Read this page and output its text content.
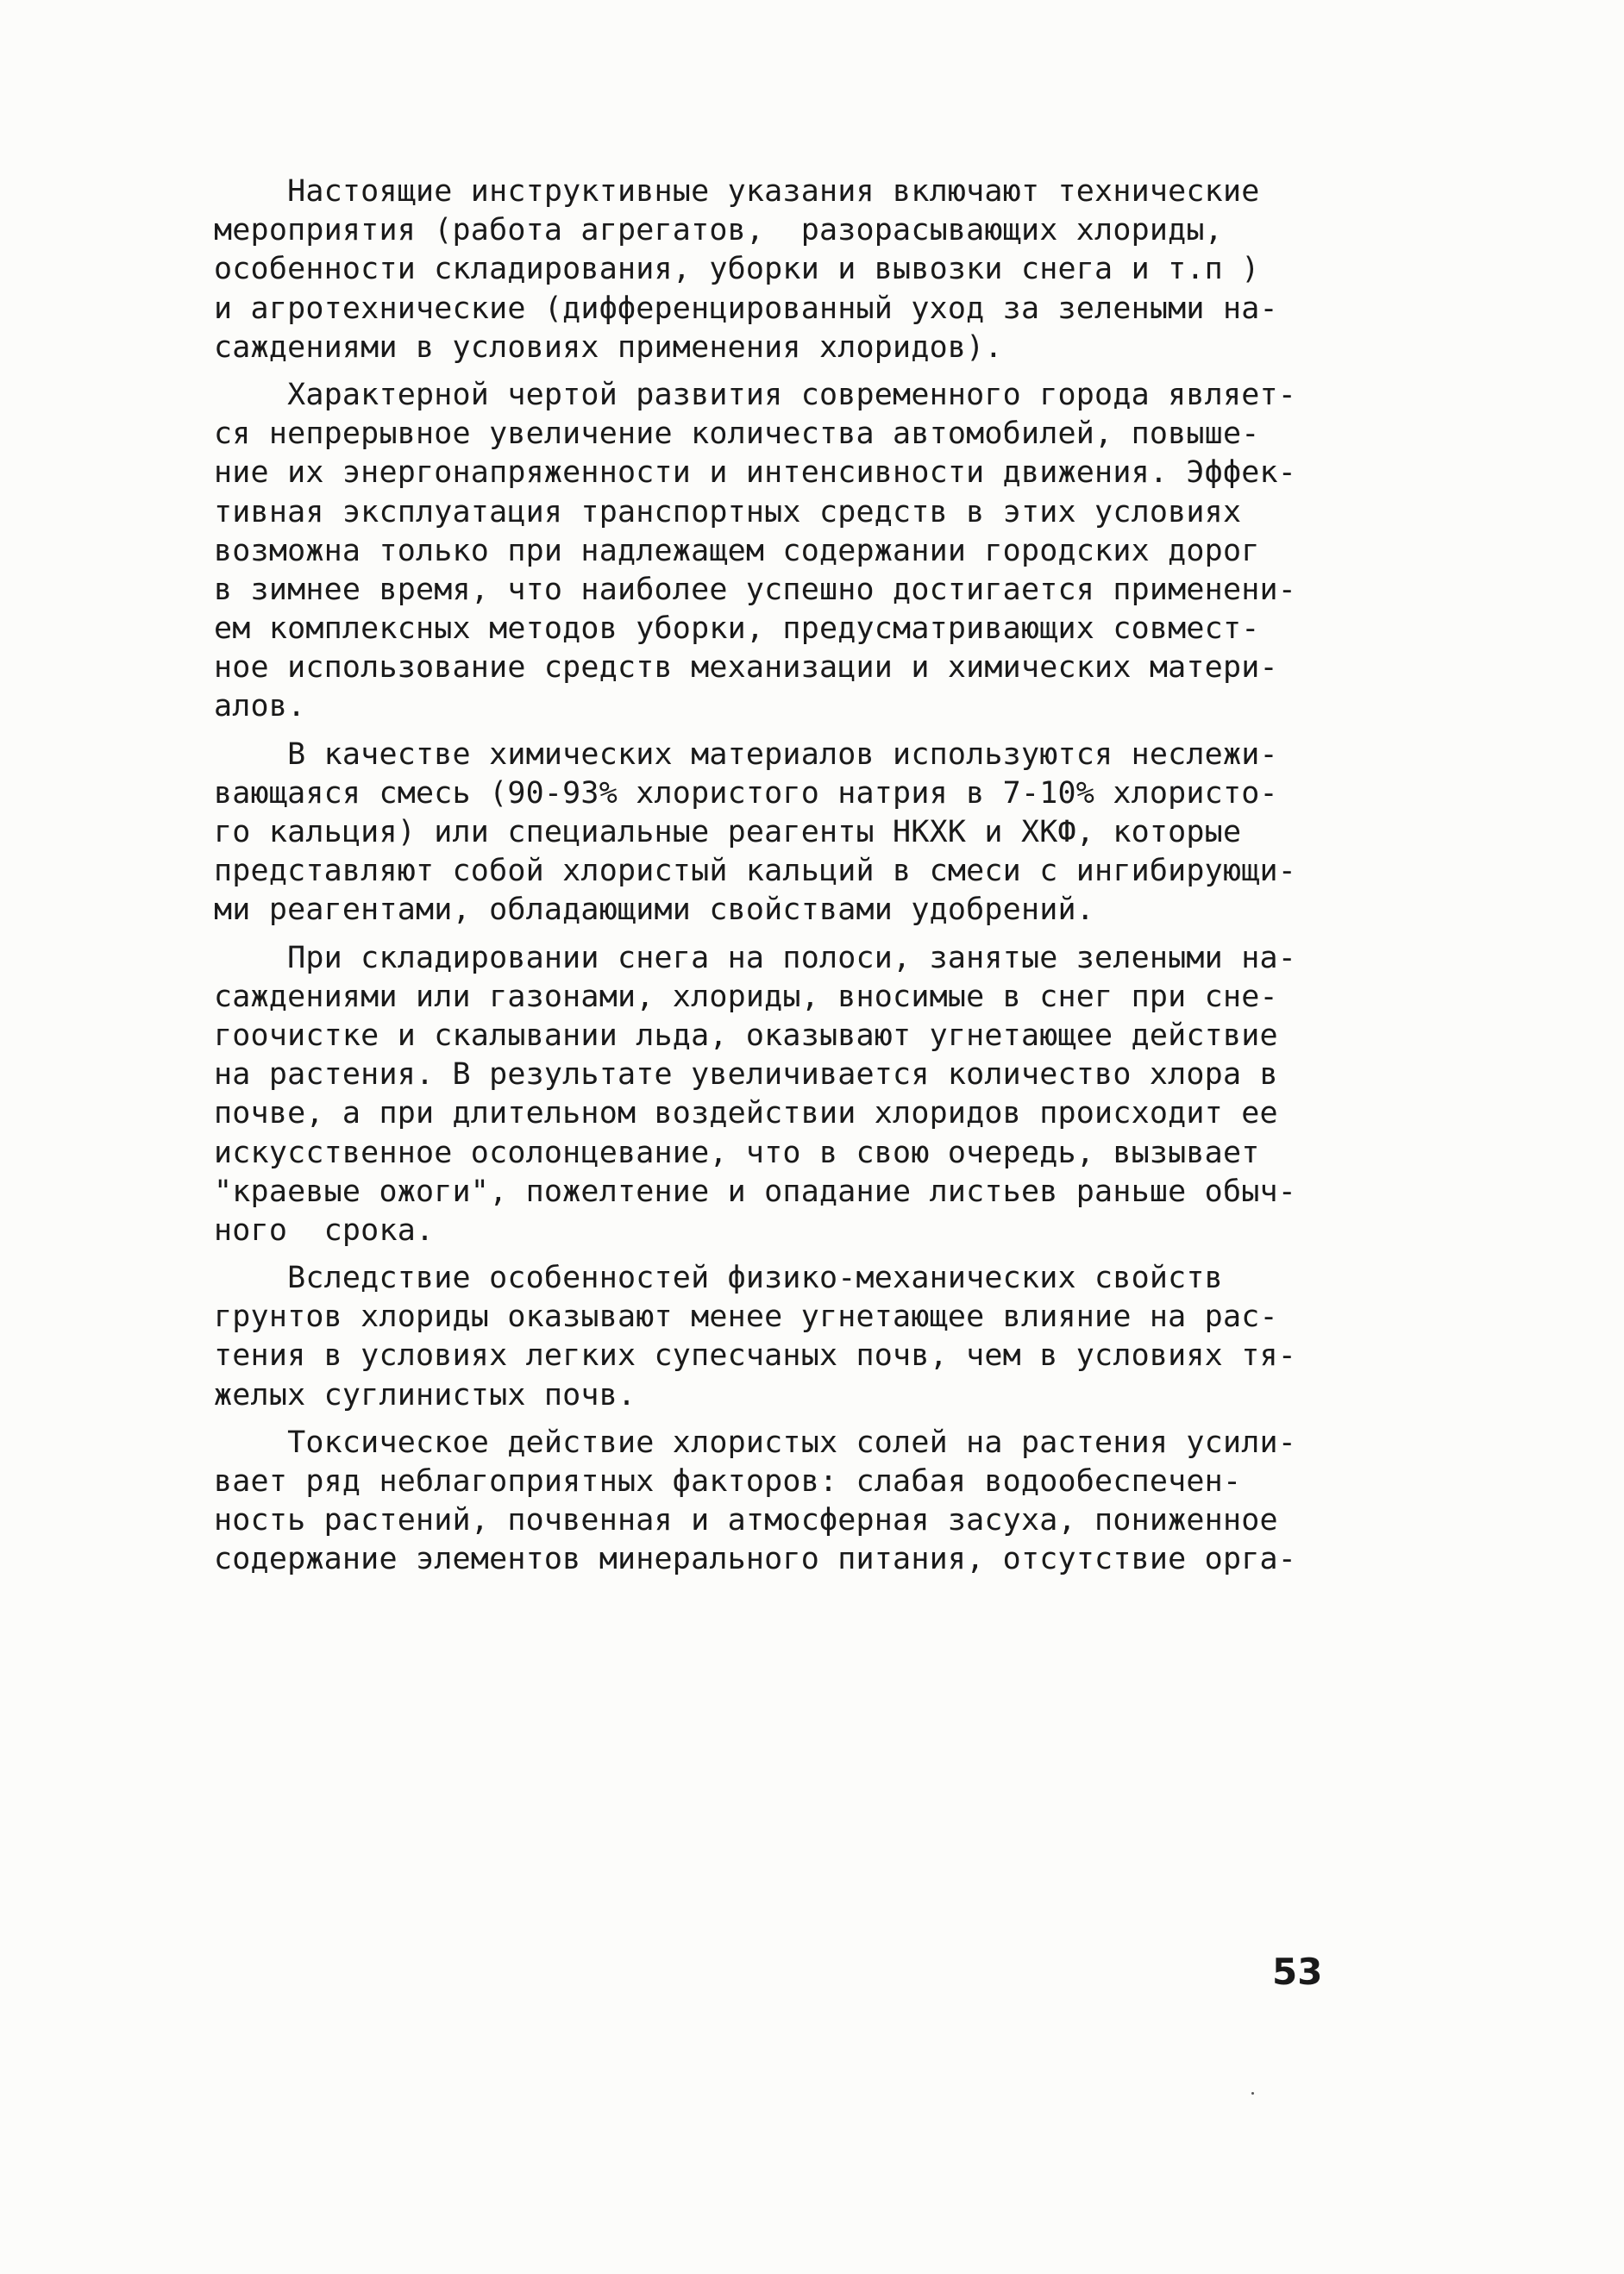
Настоящие инструктивные указания включают технические
мероприятия (работа агрегатов,  разорасывающих хлориды,
особенности складирования, уборки и вывозки снега и т.п )
и агротехнические (дифференцированный уход за зелеными на-
саждениями в условиях применения хлоридов).
Характерной чертой развития современного города являет-
ся непрерывное увеличение количества автомобилей, повыше-
ние их энергонапряженности и интенсивности движения. Эффек-
тивная эксплуатация транспортных средств в этих условиях
возможна только при надлежащем содержании городских дорог
в зимнее время, что наиболее успешно достигается применени-
ем комплексных методов уборки, предусматривающих совмест-
ное использование средств механизации и химических матери-
алов.
В качестве химических материалов используются неслежи-
вающаяся смесь (90-93% хлористого натрия в 7-10% хлористо-
го кальция) или специальные реагенты НКХК и ХКФ, которые
представляют собой хлористый кальций в смеси с ингибирующи-
ми реагентами, обладающими свойствами удобрений.
При складировании снега на полоси, занятые зелеными на-
саждениями или газонами, хлориды, вносимые в снег при сне-
гоочистке и скалывании льда, оказывают угнетающее действие
на растения. В результате увеличивается количество хлора в
почве, а при длительном воздействии хлоридов происходит ее
искусственное осолонцевание, что в свою очередь, вызывает
"краевые ожоги", пожелтение и опадание листьев раньше обыч-
ного  срока.
Вследствие особенностей физико-механических свойств
грунтов хлориды оказывают менее угнетающее влияние на рас-
тения в условиях легких супесчаных почв, чем в условиях тя-
желых суглинистых почв.
Токсическое действие хлористых солей на растения усили-
вает ряд неблагоприятных факторов: слабая водообеспечен-
ность растений, почвенная и атмосферная засуха, пониженное
содержание элементов минерального питания, отсутствие орга-
53
